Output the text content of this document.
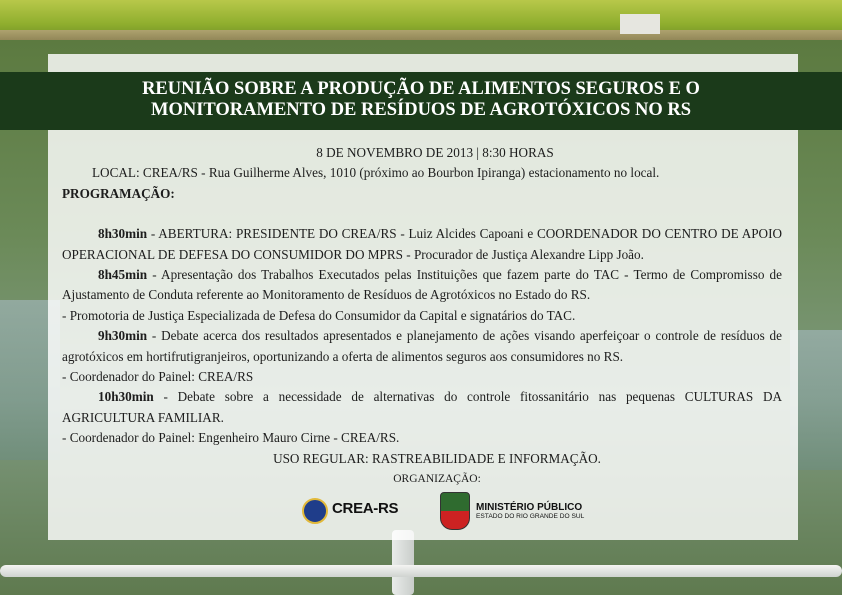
REUNIÃO SOBRE A PRODUÇÃO DE ALIMENTOS SEGUROS E O
MONITORAMENTO DE RESÍDUOS DE AGROTÓXICOS NO RS
8 DE NOVEMBRO DE 2013 | 8:30 HORAS
LOCAL: CREA/RS - Rua Guilherme Alves, 1010 (próximo ao Bourbon Ipiranga) estacionamento no local.
PROGRAMAÇÃO:

8h30min - ABERTURA: PRESIDENTE DO CREA/RS - Luiz Alcides Capoani e COORDENADOR DO CENTRO DE APOIO OPERACIONAL DE DEFESA DO CONSUMIDOR DO MPRS - Procurador de Justiça Alexandre Lipp João.

8h45min - Apresentação dos Trabalhos Executados pelas Instituições que fazem parte do TAC - Termo de Compromisso de Ajustamento de Conduta referente ao Monitoramento de Resíduos de Agrotóxicos no Estado do RS.

- Promotoria de Justiça Especializada de Defesa do Consumidor da Capital e signatários do TAC.

9h30min - Debate acerca dos resultados apresentados e planejamento de ações visando aperfeiçoar o controle de resíduos de agrotóxicos em hortifrutigranjeiros, oportunizando a oferta de alimentos seguros aos consumidores no RS.

- Coordenador do Painel: CREA/RS

10h30min - Debate sobre a necessidade de alternativas do controle fitossanitário nas pequenas CULTURAS DA AGRICULTURA FAMILIAR.

- Coordenador do Painel: Engenheiro Mauro Cirne - CREA/RS.

USO REGULAR: RASTREABILIDADE E INFORMAÇÃO.
ORGANIZAÇÃO:
CREA-RS	MINISTÉRIO PÚBLICO
ESTADO DO RIO GRANDE DO SUL
